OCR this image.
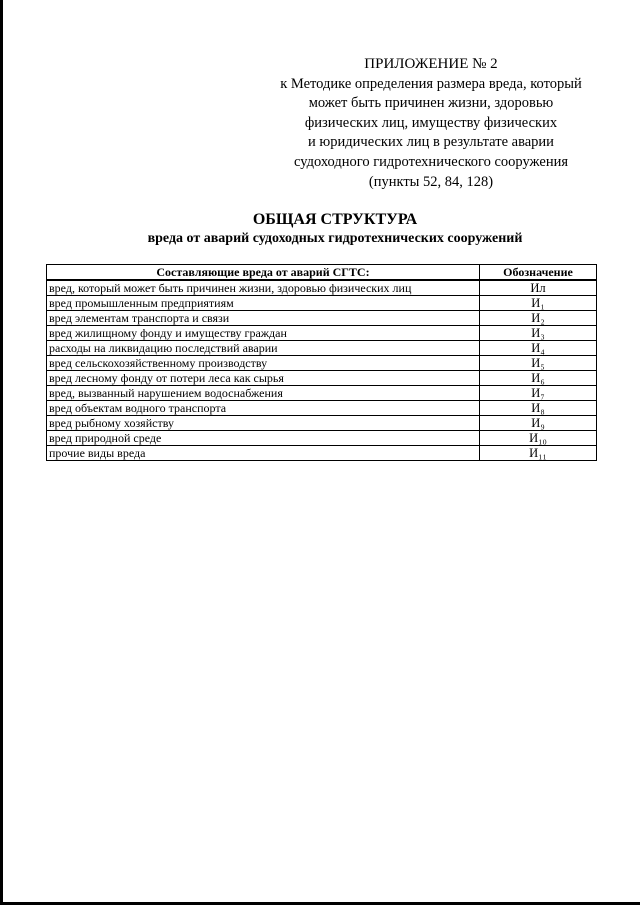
ПРИЛОЖЕНИЕ № 2
к Методике определения размера вреда, который
может быть причинен жизни, здоровью
физических лиц, имуществу физических
и юридических лиц в результате аварии
судоходного гидротехнического сооружения
(пункты 52, 84, 128)
ОБЩАЯ СТРУКТУРА
вреда от аварий судоходных гидротехнических сооружений
Составляющие вреда от аварий СГТС:	Обозначение
вред, который может быть причинен жизни, здоровью физических лиц	Ил
вред промышленным предприятиям	И₁
вред элементам транспорта и связи	И₂
вред жилищному фонду и имуществу граждан	И₃
расходы на ликвидацию последствий аварии	И₄
вред сельскохозяйственному производству	И₅
вред лесному фонду от потери леса как сырья	И₆
вред, вызванный нарушением водоснабжения	И₇
вред объектам водного транспорта	И₈
вред рыбному хозяйству	И₉
вред природной среде	И₁₀
прочие виды вреда	И₁₁
